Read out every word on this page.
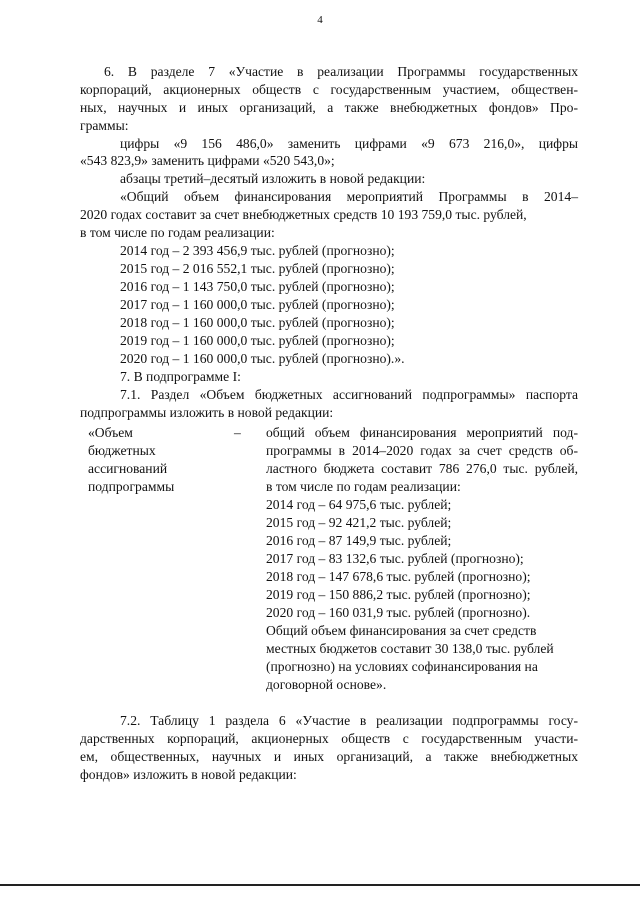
4
6. В разделе 7 «Участие в реализации Программы государственных
корпораций, акционерных обществ с государственным участием, обществен-
ных, научных и иных организаций, а также внебюджетных фондов» Про-
граммы:
цифры «9 156 486,0» заменить цифрами «9 673 216,0», цифры
«543 823,9» заменить цифрами «520 543,0»;
абзацы третий–десятый изложить в новой редакции:
«Общий объем финансирования мероприятий Программы в 2014–
2020 годах составит за счет внебюджетных средств 10 193 759,0 тыс. рублей,
в том числе по годам реализации:
2014 год – 2 393 456,9 тыс. рублей (прогнозно);
2015 год – 2 016 552,1 тыс. рублей (прогнозно);
2016 год – 1 143 750,0 тыс. рублей (прогнозно);
2017 год – 1 160 000,0 тыс. рублей (прогнозно);
2018 год – 1 160 000,0 тыс. рублей (прогнозно);
2019 год – 1 160 000,0 тыс. рублей (прогнозно);
2020 год – 1 160 000,0 тыс. рублей (прогнозно).».
7. В подпрограмме I:
7.1. Раздел «Объем бюджетных ассигнований подпрограммы» паспорта
подпрограммы изложить в новой редакции:
«Объем
бюджетных
ассигнований
подпрограммы
– общий объем финансирования мероприятий под-
программы в 2014–2020 годах за счет средств об-
ластного бюджета составит 786 276,0 тыс. рублей,
в том числе по годам реализации:
2014 год – 64 975,6 тыс. рублей;
2015 год – 92 421,2 тыс. рублей;
2016 год – 87 149,9 тыс. рублей;
2017 год – 83 132,6 тыс. рублей (прогнозно);
2018 год – 147 678,6 тыс. рублей (прогнозно);
2019 год – 150 886,2 тыс. рублей (прогнозно);
2020 год – 160 031,9 тыс. рублей (прогнозно).
Общий объем финансирования за счет средств
местных бюджетов составит 30 138,0 тыс. рублей
(прогнозно) на условиях софинансирования на
договорной основе».
7.2. Таблицу 1 раздела 6 «Участие в реализации подпрограммы госу-
дарственных корпораций, акционерных обществ с государственным участи-
ем, общественных, научных и иных организаций, а также внебюджетных
фондов» изложить в новой редакции:
